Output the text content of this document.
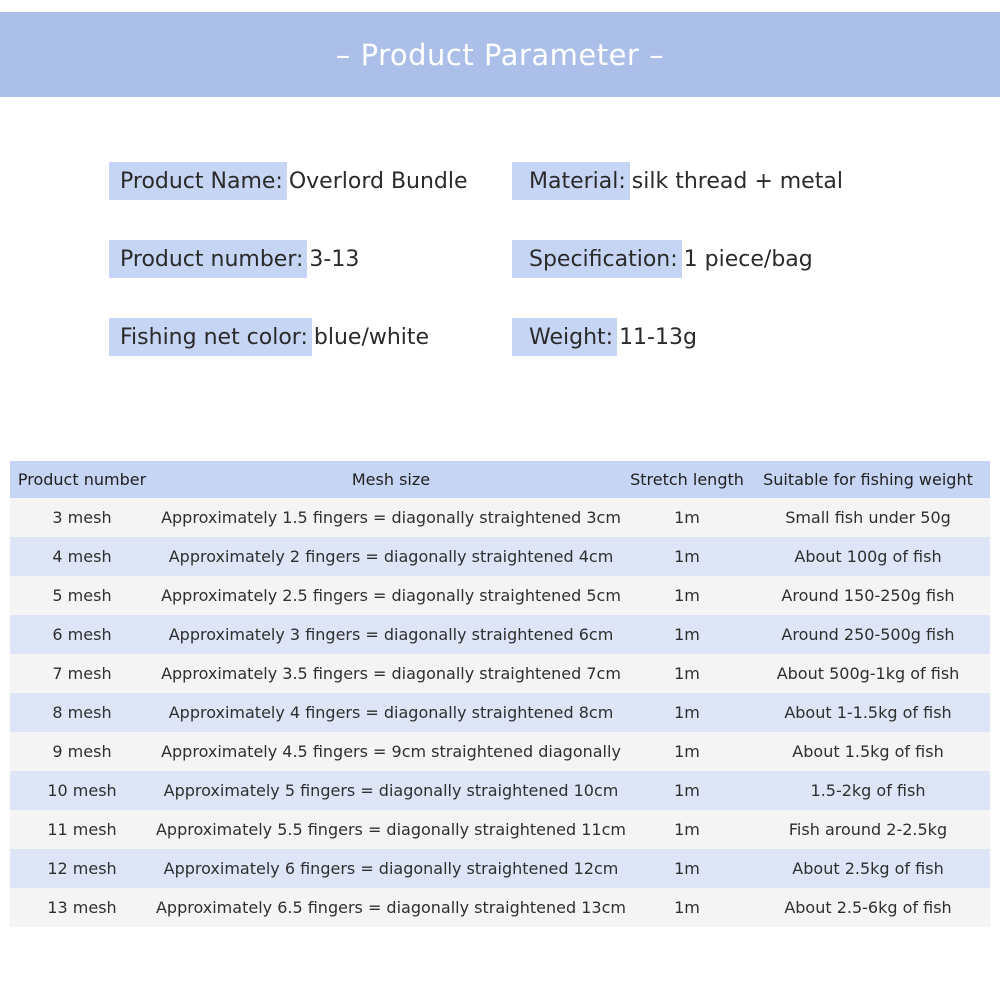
– Product Parameter –
Product Name: Overlord Bundle	Material: silk thread + metal
Product number: 3-13	Specification: 1 piece/bag
Fishing net color: blue/white	Weight: 11-13g
Product number	Mesh size	Stretch length	Suitable for fishing weight
3 mesh	Approximately 1.5 fingers = diagonally straightened 3cm	1m	Small fish under 50g
4 mesh	Approximately 2 fingers = diagonally straightened 4cm	1m	About 100g of fish
5 mesh	Approximately 2.5 fingers = diagonally straightened 5cm	1m	Around 150-250g fish
6 mesh	Approximately 3 fingers = diagonally straightened 6cm	1m	Around 250-500g fish
7 mesh	Approximately 3.5 fingers = diagonally straightened 7cm	1m	About 500g-1kg of fish
8 mesh	Approximately 4 fingers = diagonally straightened 8cm	1m	About 1-1.5kg of fish
9 mesh	Approximately 4.5 fingers = 9cm straightened diagonally	1m	About 1.5kg of fish
10 mesh	Approximately 5 fingers = diagonally straightened 10cm	1m	1.5-2kg of fish
11 mesh	Approximately 5.5 fingers = diagonally straightened 11cm	1m	Fish around 2-2.5kg
12 mesh	Approximately 6 fingers = diagonally straightened 12cm	1m	About 2.5kg of fish
13 mesh	Approximately 6.5 fingers = diagonally straightened 13cm	1m	About 2.5-6kg of fish
